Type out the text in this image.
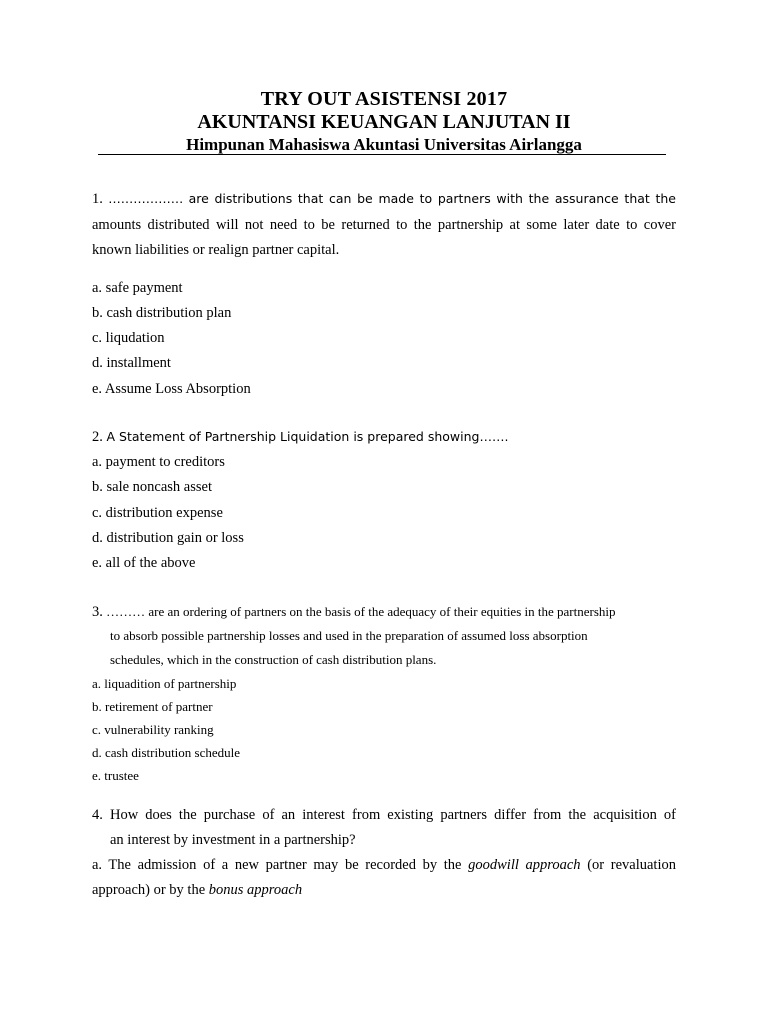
TRY OUT ASISTENSI 2017
AKUNTANSI KEUANGAN LANJUTAN II
Himpunan Mahasiswa Akuntasi Universitas Airlangga
1. ……………… are distributions that can be made to partners with the assurance that the
amounts distributed will not need to be returned to the partnership at some later date to cover
known liabilities or realign partner capital.
a. safe payment
b. cash distribution plan
c. liqudation
d. installment
e. Assume Loss Absorption
2. A Statement of Partnership Liquidation is prepared showing…….
a. payment to creditors
b. sale noncash asset
c. distribution expense
d. distribution gain or loss
e. all of the above
3. ……… are an ordering of partners on the basis of the adequacy of their equities in the partnership
to absorb possible partnership losses and used in the preparation of assumed loss absorption
schedules, which in the construction of cash distribution plans.
a. liquadition of partnership
b. retirement of partner
c. vulnerability ranking
d. cash distribution schedule
e. trustee
4. How does the purchase of an interest from existing partners differ from the acquisition of
an interest by investment in a partnership?
a. The admission of a new partner may be recorded by the goodwill approach (or revaluation
approach) or by the bonus approach
